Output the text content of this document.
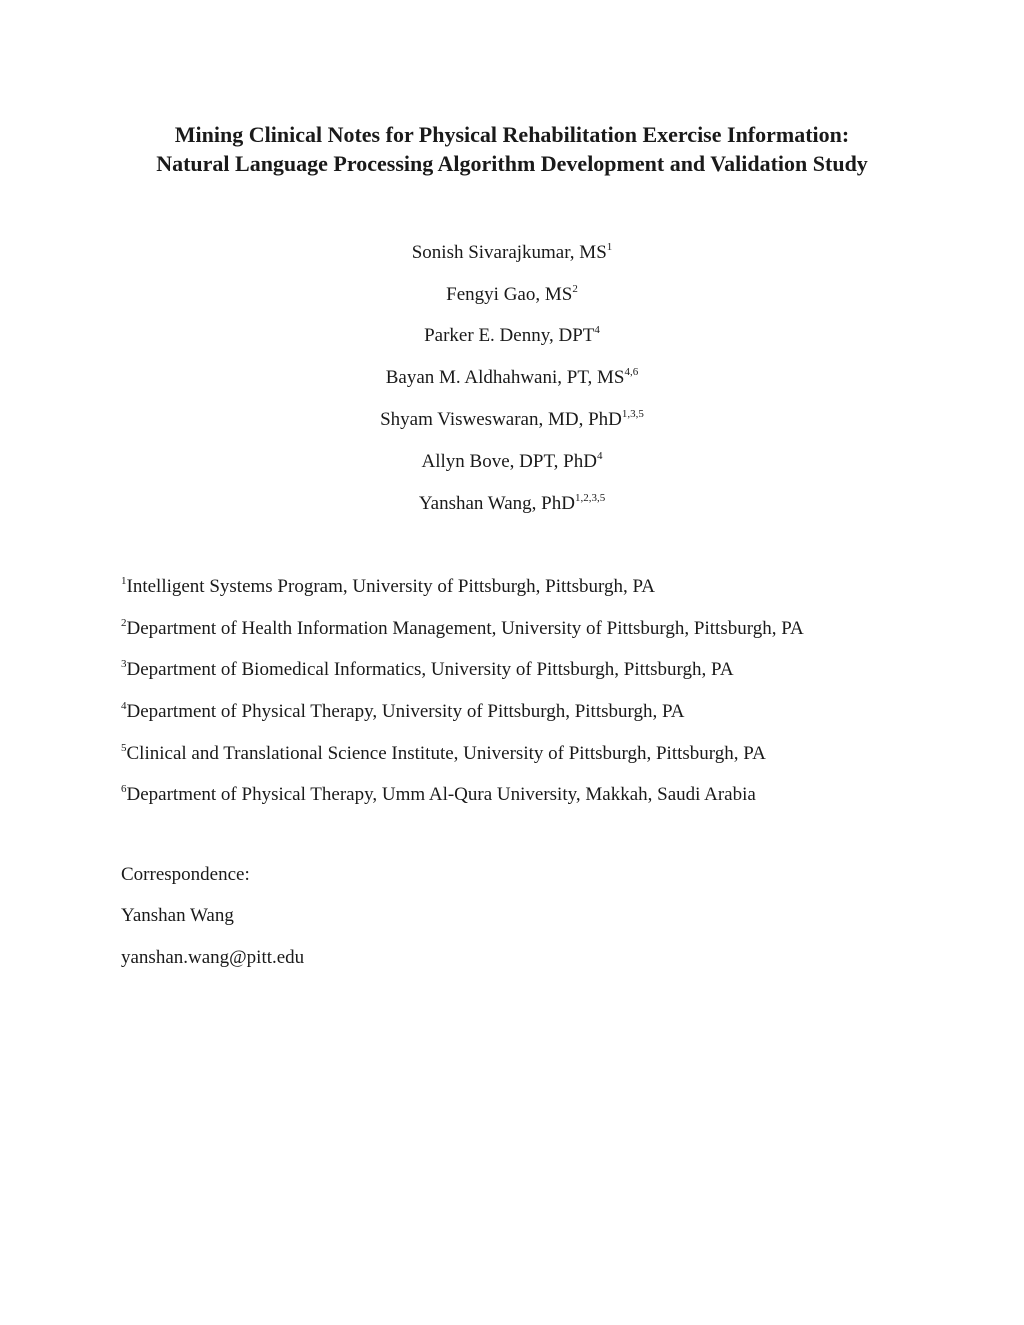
Mining Clinical Notes for Physical Rehabilitation Exercise Information:
Natural Language Processing Algorithm Development and Validation Study
Sonish Sivarajkumar, $MS^1$
Fengyi Gao, $MS^2$
Parker E. Denny, DPT$^4$
Bayan M. Aldhahwani, PT, MS$^{4,6}$
Shyam Visweswaran, MD, PhD$^{1,3,5}$
Allyn Bove, DPT, PhD$^4$
Yanshan Wang, PhD$^{1,2,3,5}$
$^1$Intelligent Systems Program, University of Pittsburgh, Pittsburgh, PA
$^2$Department of Health Information Management, University of Pittsburgh, Pittsburgh, PA
$^3$Department of Biomedical Informatics, University of Pittsburgh, Pittsburgh, PA
$^4$Department of Physical Therapy, University of Pittsburgh, Pittsburgh, PA
$^5$Clinical and Translational Science Institute, University of Pittsburgh, Pittsburgh, PA
$^6$Department of Physical Therapy, Umm Al-Qura University, Makkah, Saudi Arabia
Correspondence:
Yanshan Wang
yanshan.wang@pitt.edu
